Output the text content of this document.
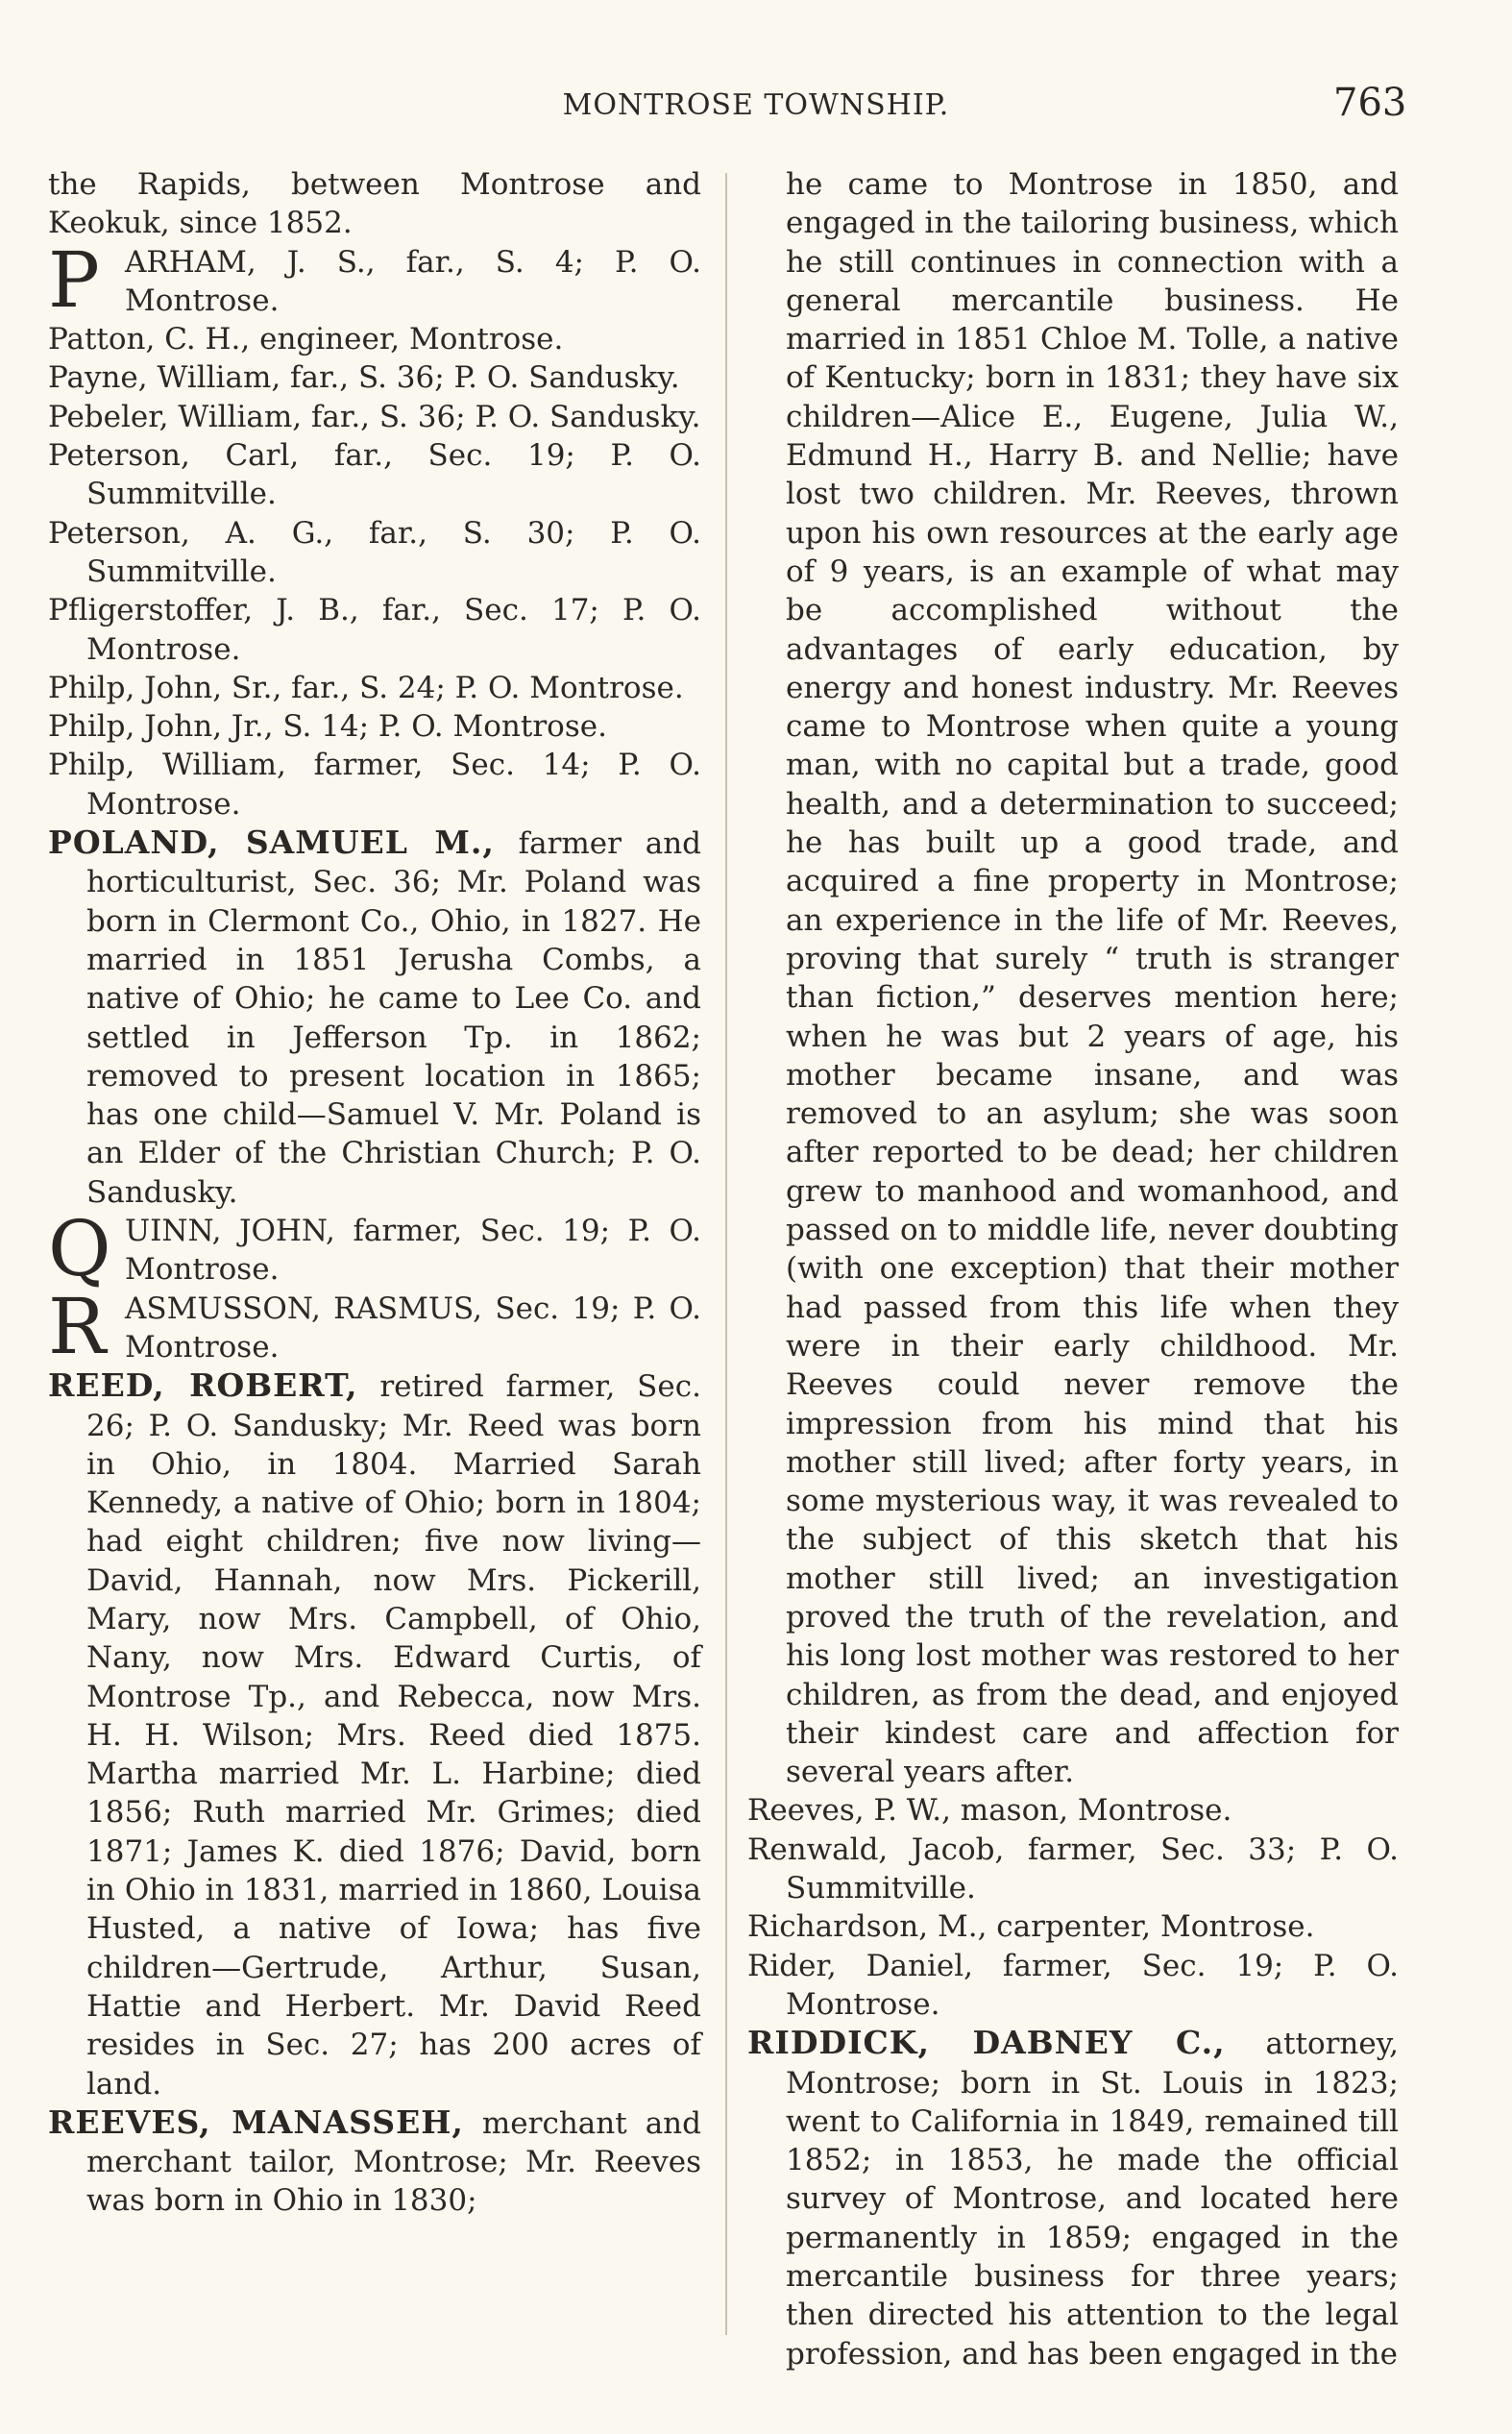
MONTROSE TOWNSHIP.	763

the Rapids, between Montrose and Keokuk, since 1852.

P ARHAM, J. S., far., S. 4; P. O. Montrose.

Patton, C. H., engineer, Montrose.

Payne, William, far., S. 36; P. O. Sandusky.

Pebeler, William, far., S. 36; P. O. Sandusky.

Peterson, Carl, far., Sec. 19; P. O. Summitville.

Peterson, A. G., far., S. 30; P. O. Summitville.

Pfligerstoffer, J. B., far., Sec. 17; P. O. Montrose.

Philp, John, Sr., far., S. 24; P. O. Montrose.

Philp, John, Jr., S. 14; P. O. Montrose.

Philp, William, farmer, Sec. 14; P. O. Montrose.

POLAND, SAMUEL M., farmer and horticulturist, Sec. 36; Mr. Poland was born in Clermont Co., Ohio, in 1827. He married in 1851 Jerusha Combs, a native of Ohio; he came to Lee Co. and settled in Jefferson Tp. in 1862; removed to present location in 1865; has one child—Samuel V. Mr. Poland is an Elder of the Christian Church; P. O. Sandusky.

Q UINN, JOHN, farmer, Sec. 19; P. O. Montrose.

R ASMUSSON, RASMUS, Sec. 19; P. O. Montrose.

REED, ROBERT, retired farmer, Sec. 26; P. O. Sandusky; Mr. Reed was born in Ohio, in 1804. Married Sarah Kennedy, a native of Ohio; born in 1804; had eight children; five now living—David, Hannah, now Mrs. Pickerill, Mary, now Mrs. Campbell, of Ohio, Nany, now Mrs. Edward Curtis, of Montrose Tp., and Rebecca, now Mrs. H. H. Wilson; Mrs. Reed died 1875. Martha married Mr. L. Harbine; died 1856; Ruth married Mr. Grimes; died 1871; James K. died 1876; David, born in Ohio in 1831, married in 1860, Louisa Husted, a native of Iowa; has five children—Gertrude, Arthur, Susan, Hattie and Herbert. Mr. David Reed resides in Sec. 27; has 200 acres of land.

REEVES, MANASSEH, merchant and merchant tailor, Montrose; Mr. Reeves was born in Ohio in 1830;

he came to Montrose in 1850, and engaged in the tailoring business, which he still continues in connection with a general mercantile business. He married in 1851 Chloe M. Tolle, a native of Kentucky; born in 1831; they have six children—Alice E., Eugene, Julia W., Edmund H., Harry B. and Nellie; have lost two children. Mr. Reeves, thrown upon his own resources at the early age of 9 years, is an example of what may be accomplished without the advantages of early education, by energy and honest industry. Mr. Reeves came to Montrose when quite a young man, with no capital but a trade, good health, and a determination to succeed; he has built up a good trade, and acquired a fine property in Montrose; an experience in the life of Mr. Reeves, proving that surely “ truth is stranger than fiction,” deserves mention here; when he was but 2 years of age, his mother became insane, and was removed to an asylum; she was soon after reported to be dead; her children grew to manhood and womanhood, and passed on to middle life, never doubting (with one exception) that their mother had passed from this life when they were in their early childhood. Mr. Reeves could never remove the impression from his mind that his mother still lived; after forty years, in some mysterious way, it was revealed to the subject of this sketch that his mother still lived; an investigation proved the truth of the revelation, and his long lost mother was restored to her children, as from the dead, and enjoyed their kindest care and affection for several years after.

Reeves, P. W., mason, Montrose.

Renwald, Jacob, farmer, Sec. 33; P. O. Summitville.

Richardson, M., carpenter, Montrose.

Rider, Daniel, farmer, Sec. 19; P. O. Montrose.

RIDDICK, DABNEY C., attorney, Montrose; born in St. Louis in 1823; went to California in 1849, remained till 1852; in 1853, he made the official survey of Montrose, and located here permanently in 1859; engaged in the mercantile business for three years; then directed his attention to the legal profession, and has been engaged in the
